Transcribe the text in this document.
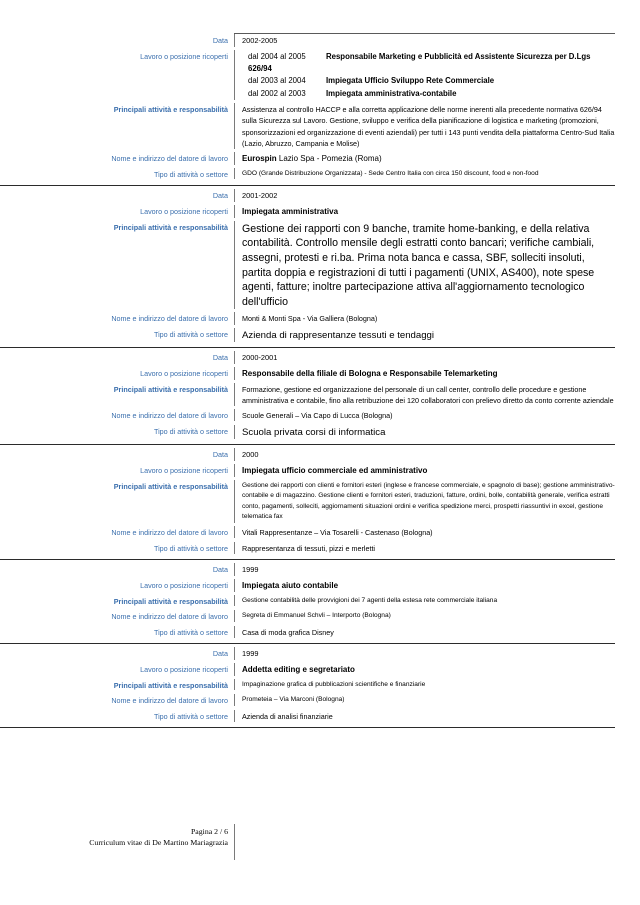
Data	2002-2005
Lavoro o posizione ricoperti	dal 2004 al 2005	Responsabile Marketing e Pubblicità ed Assistente Sicurezza per D.Lgs 626/94
dal 2003 al 2004	Impiegata Ufficio Sviluppo Rete Commerciale
dal 2002 al 2003	Impiegata amministrativa-contabile
Principali attività e responsabilità	Assistenza al controllo HACCP e alla corretta applicazione delle norme inerenti alla precedente normativa 626/94 sulla Sicurezza sul Lavoro. Gestione, sviluppo e verifica della pianificazione di logistica e marketing (promozioni, sponsorizzazioni ed organizzazione di eventi aziendali) per tutti i 143 punti vendita della piattaforma Centro-Sud Italia (Lazio, Abruzzo, Campania e Molise)
Nome e indirizzo del datore di lavoro	Eurospin Lazio Spa - Pomezia (Roma)
Tipo di attività o settore	GDO (Grande Distribuzione Organizzata) - Sede Centro Italia con circa 150 discount, food e non-food
Data	2001-2002
Lavoro o posizione ricoperti	Impiegata amministrativa
Principali attività e responsabilità	Gestione dei rapporti con 9 banche, tramite home-banking, e della relativa contabilità. Controllo mensile degli estratti conto bancari; verifiche cambiali, assegni, protesti e ri.ba. Prima nota banca e cassa, SBF, solleciti insoluti, partita doppia e registrazioni di tutti i pagamenti (UNIX, AS400), note spese agenti, fatture; inoltre partecipazione attiva all'aggiornamento tecnologico dell'ufficio
Nome e indirizzo del datore di lavoro	Monti & Monti Spa - Via Galliera (Bologna)
Tipo di attività o settore	Azienda di rappresentanze tessuti e tendaggi
Data	2000-2001
Lavoro o posizione ricoperti	Responsabile della filiale di Bologna e Responsabile Telemarketing
Principali attività e responsabilità	Formazione, gestione ed organizzazione del personale di un call center, controllo delle procedure e gestione amministrativa e contabile, fino alla retribuzione dei 120 collaboratori con prelievo diretto da conto corrente aziendale
Nome e indirizzo del datore di lavoro	Scuole Generali – Via Capo di Lucca (Bologna)
Tipo di attività o settore	Scuola privata corsi di informatica
Data	2000
Lavoro o posizione ricoperti	Impiegata ufficio commerciale ed amministrativo
Principali attività e responsabilità	Gestione dei rapporti con clienti e fornitori esteri (inglese e francese commerciale, e spagnolo di base); gestione amministrativo-contabile e di magazzino. Gestione clienti e fornitori esteri, traduzioni, fatture, ordini, bolle, contabilità generale, verifica estratti conto, pagamenti, solleciti, aggiornamenti situazioni ordini e verifica spedizione merci, prospetti riassuntivi in excel, gestione telematica fax
Nome e indirizzo del datore di lavoro	Vitali Rappresentanze – Via Tosarelli - Castenaso (Bologna)
Tipo di attività o settore	Rappresentanza di tessuti, pizzi e merletti
Data	1999
Lavoro o posizione ricoperti	Impiegata aiuto contabile
Principali attività e responsabilità	Gestione contabilità delle provvigioni dei 7 agenti della estesa rete commerciale italiana
Nome e indirizzo del datore di lavoro	Segreta di Emmanuel Schvli – Interporto (Bologna)
Tipo di attività o settore	Casa di moda grafica Disney
Data	1999
Lavoro o posizione ricoperti	Addetta editing e segretariato
Principali attività e responsabilità	Impaginazione grafica di pubblicazioni scientifiche e finanziarie
Nome e indirizzo del datore di lavoro	Prometeia – Via Marconi (Bologna)
Tipo di attività o settore	Azienda di analisi finanziarie
Pagina 2 / 6
Curriculum vitae di De Martino Mariagrazia
